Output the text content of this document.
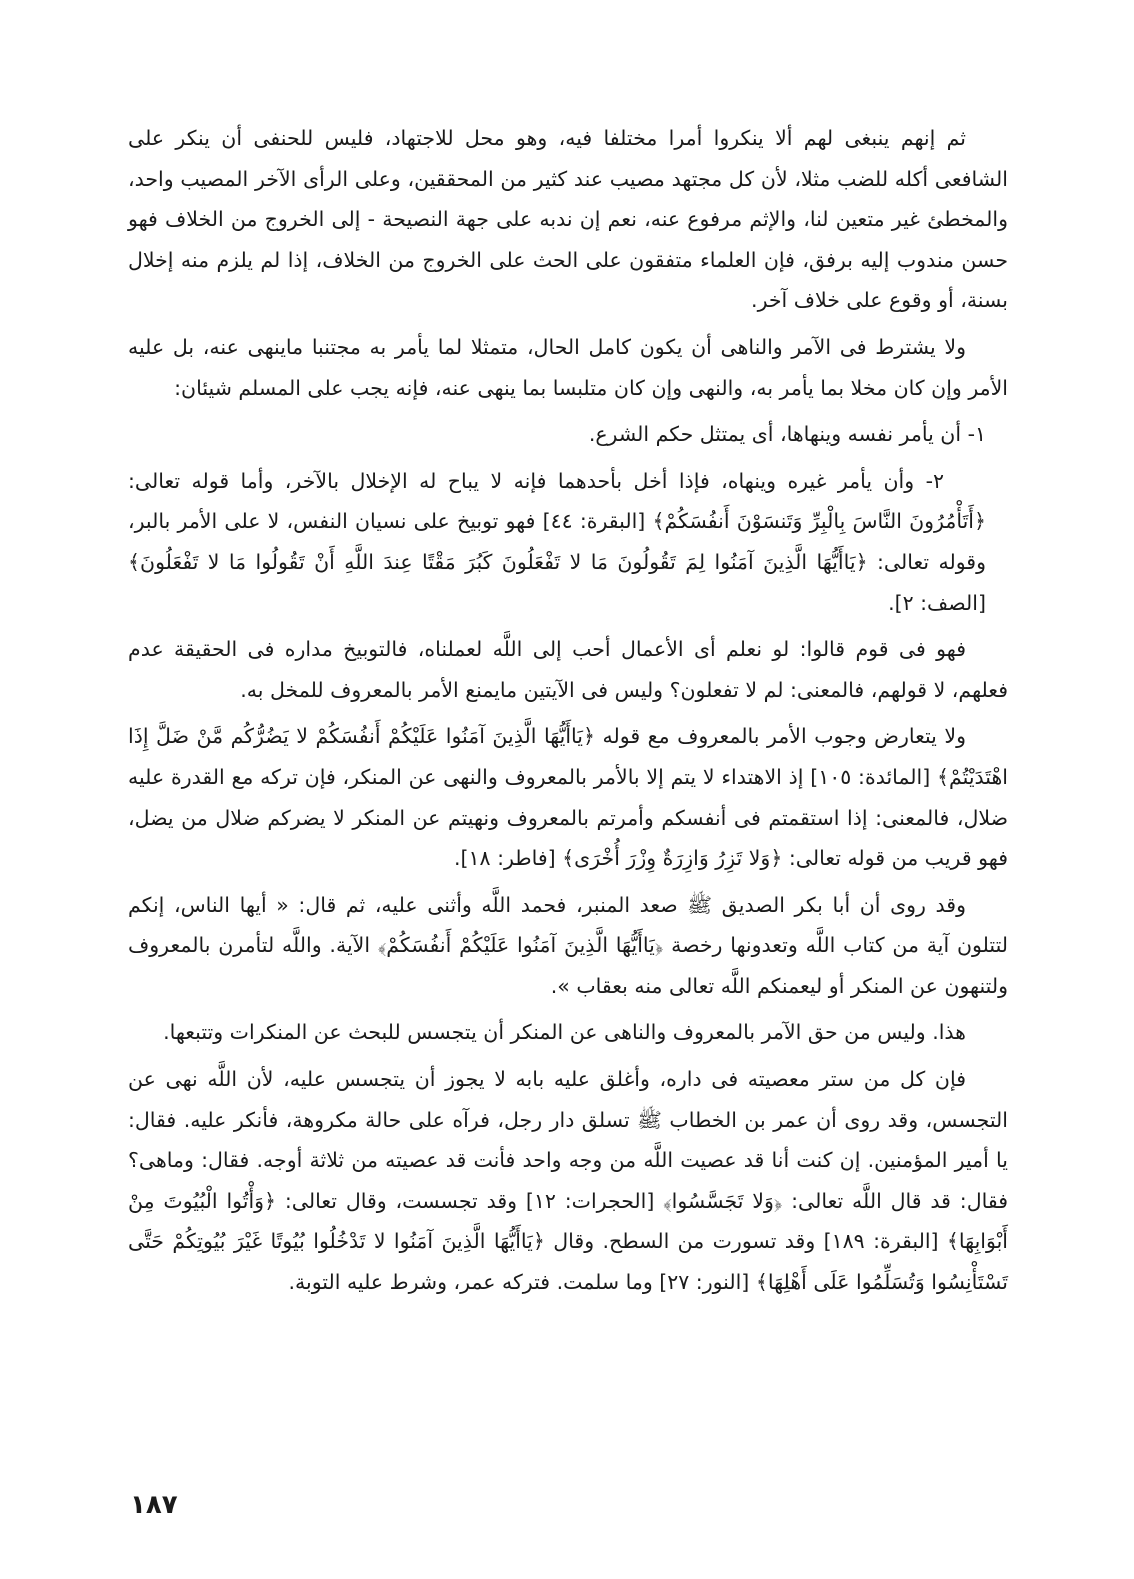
ثم إنهم ينبغى لهم ألا ينكروا أمرا مختلفا فيه، وهو محل للاجتهاد، فليس للحنفى أن ينكر على الشافعى أكله للضب مثلا، لأن كل مجتهد مصيب عند كثير من المحققين، وعلى الرأى الآخر المصيب واحد، والمخطئ غير متعين لنا، والإثم مرفوع عنه، نعم إن ندبه على جهة النصيحة - إلى الخروج من الخلاف فهو حسن مندوب إليه برفق، فإن العلماء متفقون على الحث على الخروج من الخلاف، إذا لم يلزم منه إخلال بسنة، أو وقوع على خلاف آخر.

ولا يشترط فى الآمر والناهى أن يكون كامل الحال، متمثلا لما يأمر به مجتنبا ماينهى عنه، بل عليه الأمر وإن كان مخلا بما يأمر به، والنهى وإن كان متلبسا بما ينهى عنه، فإنه يجب على المسلم شيئان:

١- أن يأمر نفسه وينهاها، أى يمتثل حكم الشرع.

٢- وأن يأمر غيره وينهاه، فإذا أخل بأحدهما فإنه لا يباح له الإخلال بالآخر، وأما قوله تعالى: ﴿أَتَأْمُرُونَ النَّاسَ بِالْبِرِّ وَتَنسَوْنَ أَنفُسَكُمْ﴾ [البقرة: ٤٤] فهو توبيخ على نسيان النفس، لا على الأمر بالبر، وقوله تعالى: ﴿يَاأَيُّهَا الَّذِينَ آمَنُوا لِمَ تَقُولُونَ مَا لا تَفْعَلُونَ كَبُرَ مَقْتًا عِندَ اللَّهِ أَنْ تَقُولُوا مَا لا تَفْعَلُونَ﴾ [الصف: ٢].

فهو فى قوم قالوا: لو نعلم أى الأعمال أحب إلى اللَّه لعملناه، فالتوبيخ مداره فى الحقيقة عدم فعلهم، لا قولهم، فالمعنى: لم لا تفعلون؟ وليس فى الآيتين مايمنع الأمر بالمعروف للمخل به.

ولا يتعارض وجوب الأمر بالمعروف مع قوله ﴿يَاأَيُّهَا الَّذِينَ آمَنُوا عَلَيْكُمْ أَنفُسَكُمْ لا يَضُرُّكُم مَّنْ ضَلَّ إِذَا اهْتَدَيْتُمْ﴾ [المائدة: ١٠٥] إذ الاهتداء لا يتم إلا بالأمر بالمعروف والنهى عن المنكر، فإن تركه مع القدرة عليه ضلال، فالمعنى: إذا استقمتم فى أنفسكم وأمرتم بالمعروف ونهيتم عن المنكر لا يضركم ضلال من يضل، فهو قريب من قوله تعالى: ﴿وَلا تَزِرُ وَازِرَةٌ وِزْرَ أُخْرَى﴾ [فاطر: ١٨].

وقد روى أن أبا بكر الصديق ﷺ صعد المنبر، فحمد اللَّه وأثنى عليه، ثم قال: « أيها الناس، إنكم لتتلون آية من كتاب اللَّه وتعدونها رخصة ﴿يَاأَيُّهَا الَّذِينَ آمَنُوا عَلَيْكُمْ أَنفُسَكُمْ﴾ الآية. واللَّه لتأمرن بالمعروف ولتنهون عن المنكر أو ليعمنكم اللَّه تعالى منه بعقاب ».

هذا. وليس من حق الآمر بالمعروف والناهى عن المنكر أن يتجسس للبحث عن المنكرات وتتبعها.

فإن كل من ستر معصيته فى داره، وأغلق عليه بابه لا يجوز أن يتجسس عليه، لأن اللَّه نهى عن التجسس، وقد روى أن عمر بن الخطاب ﷺ تسلق دار رجل، فرآه على حالة مكروهة، فأنكر عليه. فقال: يا أمير المؤمنين. إن كنت أنا قد عصيت اللَّه من وجه واحد فأنت قد عصيته من ثلاثة أوجه. فقال: وماهى؟ فقال: قد قال اللَّه تعالى: ﴿وَلا تَجَسَّسُوا﴾ [الحجرات: ١٢] وقد تجسست، وقال تعالى: ﴿وَأْتُوا الْبُيُوتَ مِنْ أَبْوَابِهَا﴾ [البقرة: ١٨٩] وقد تسورت من السطح. وقال ﴿يَاأَيُّهَا الَّذِينَ آمَنُوا لا تَدْخُلُوا بُيُوتًا غَيْرَ بُيُوتِكُمْ حَتَّى تَسْتَأْنِسُوا وَتُسَلِّمُوا عَلَى أَهْلِهَا﴾ [النور: ٢٧] وما سلمت. فتركه عمر، وشرط عليه التوبة.

١٨٧
